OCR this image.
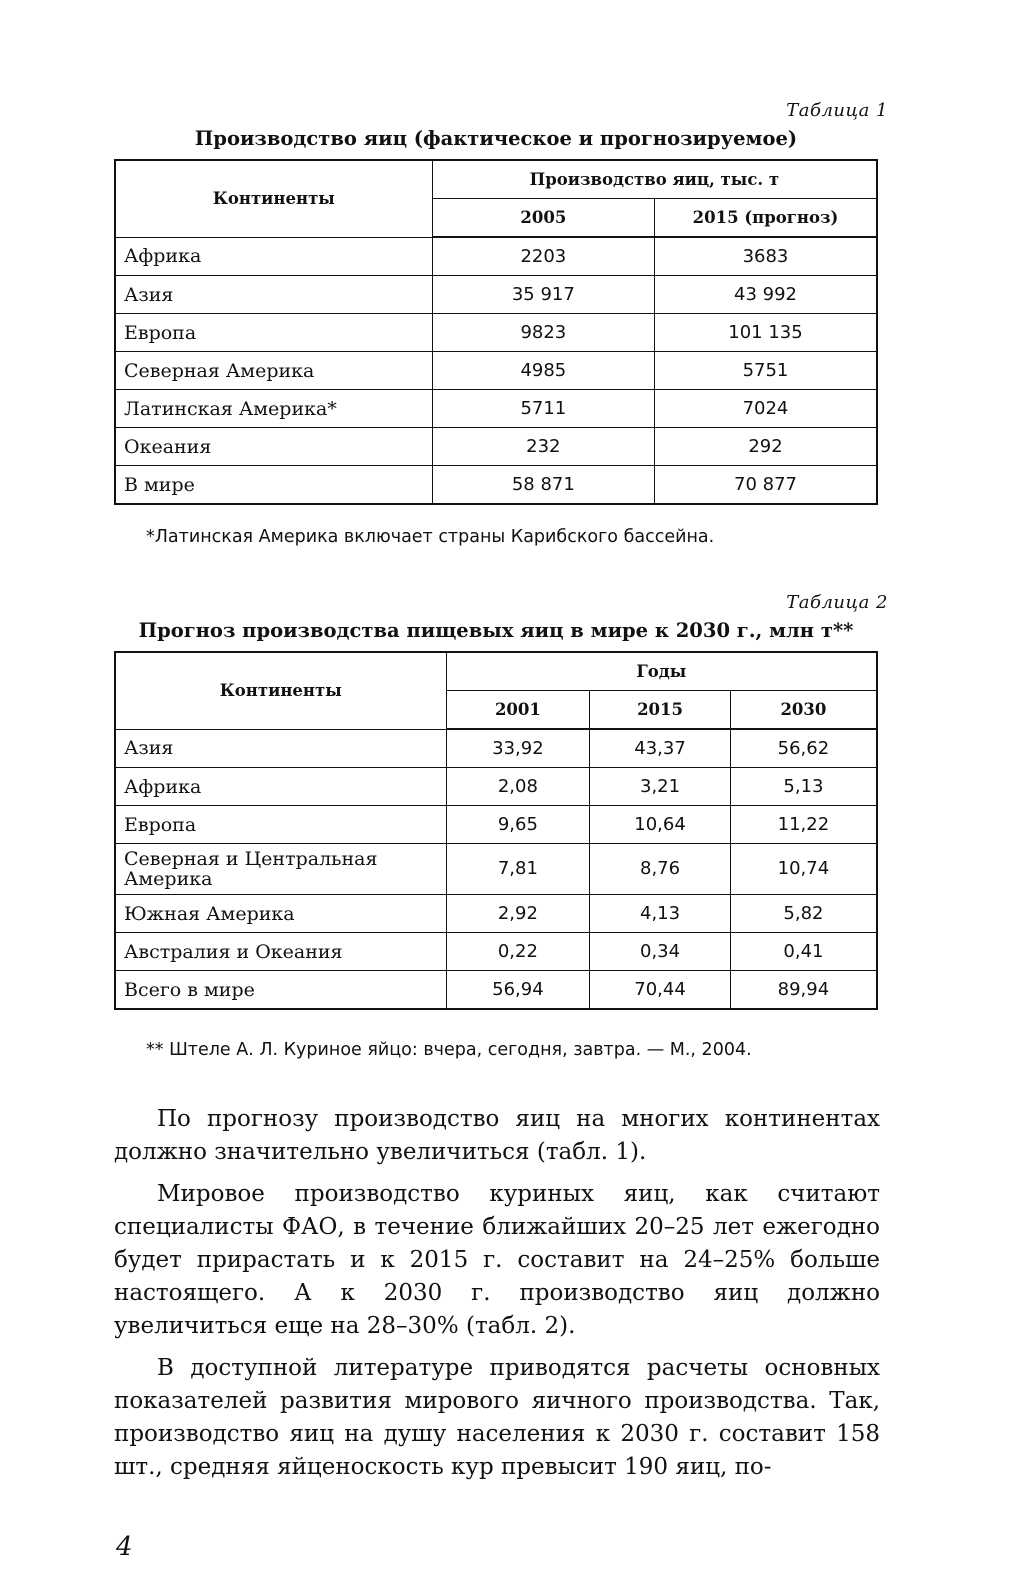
Таблица 1
Производство яиц (фактическое и прогнозируемое)
Континенты	Производство яиц, тыс. т	
	2005	2015 (прогноз)
Африка	2203	3683
Азия	35 917	43 992
Европа	9823	101 135
Северная Америка	4985	5751
Латинская Америка*	5711	7024
Океания	232	292
В мире	58 871	70 877
*Латинская Америка включает страны Карибского бассейна.
Таблица 2
Прогноз производства пищевых яиц в мире к 2030 г., млн т**
Континенты	Годы		
	2001	2015	2030
Азия	33,92	43,37	56,62
Африка	2,08	3,21	5,13
Европа	9,65	10,64	11,22
Северная и Центральная Америка	7,81	8,76	10,74
Южная Америка	2,92	4,13	5,82
Австралия и Океания	0,22	0,34	0,41
Всего в мире	56,94	70,44	89,94
** Штеле А. Л. Куриное яйцо: вчера, сегодня, завтра. — М., 2004.

По прогнозу производство яиц на многих континентах должно значительно увеличиться (табл. 1).

Мировое производство куриных яиц, как считают специалисты ФАО, в течение ближайших 20–25 лет ежегодно будет прирастать и к 2015 г. составит на 24–25% больше настоящего. А к 2030 г. производство яиц должно увеличиться еще на 28–30% (табл. 2).

В доступной литературе приводятся расчеты основных показателей развития мирового яичного производства. Так, производство яиц на душу населения к 2030 г. составит 158 шт., средняя яйценоскость кур превысит 190 яиц, по-

4
